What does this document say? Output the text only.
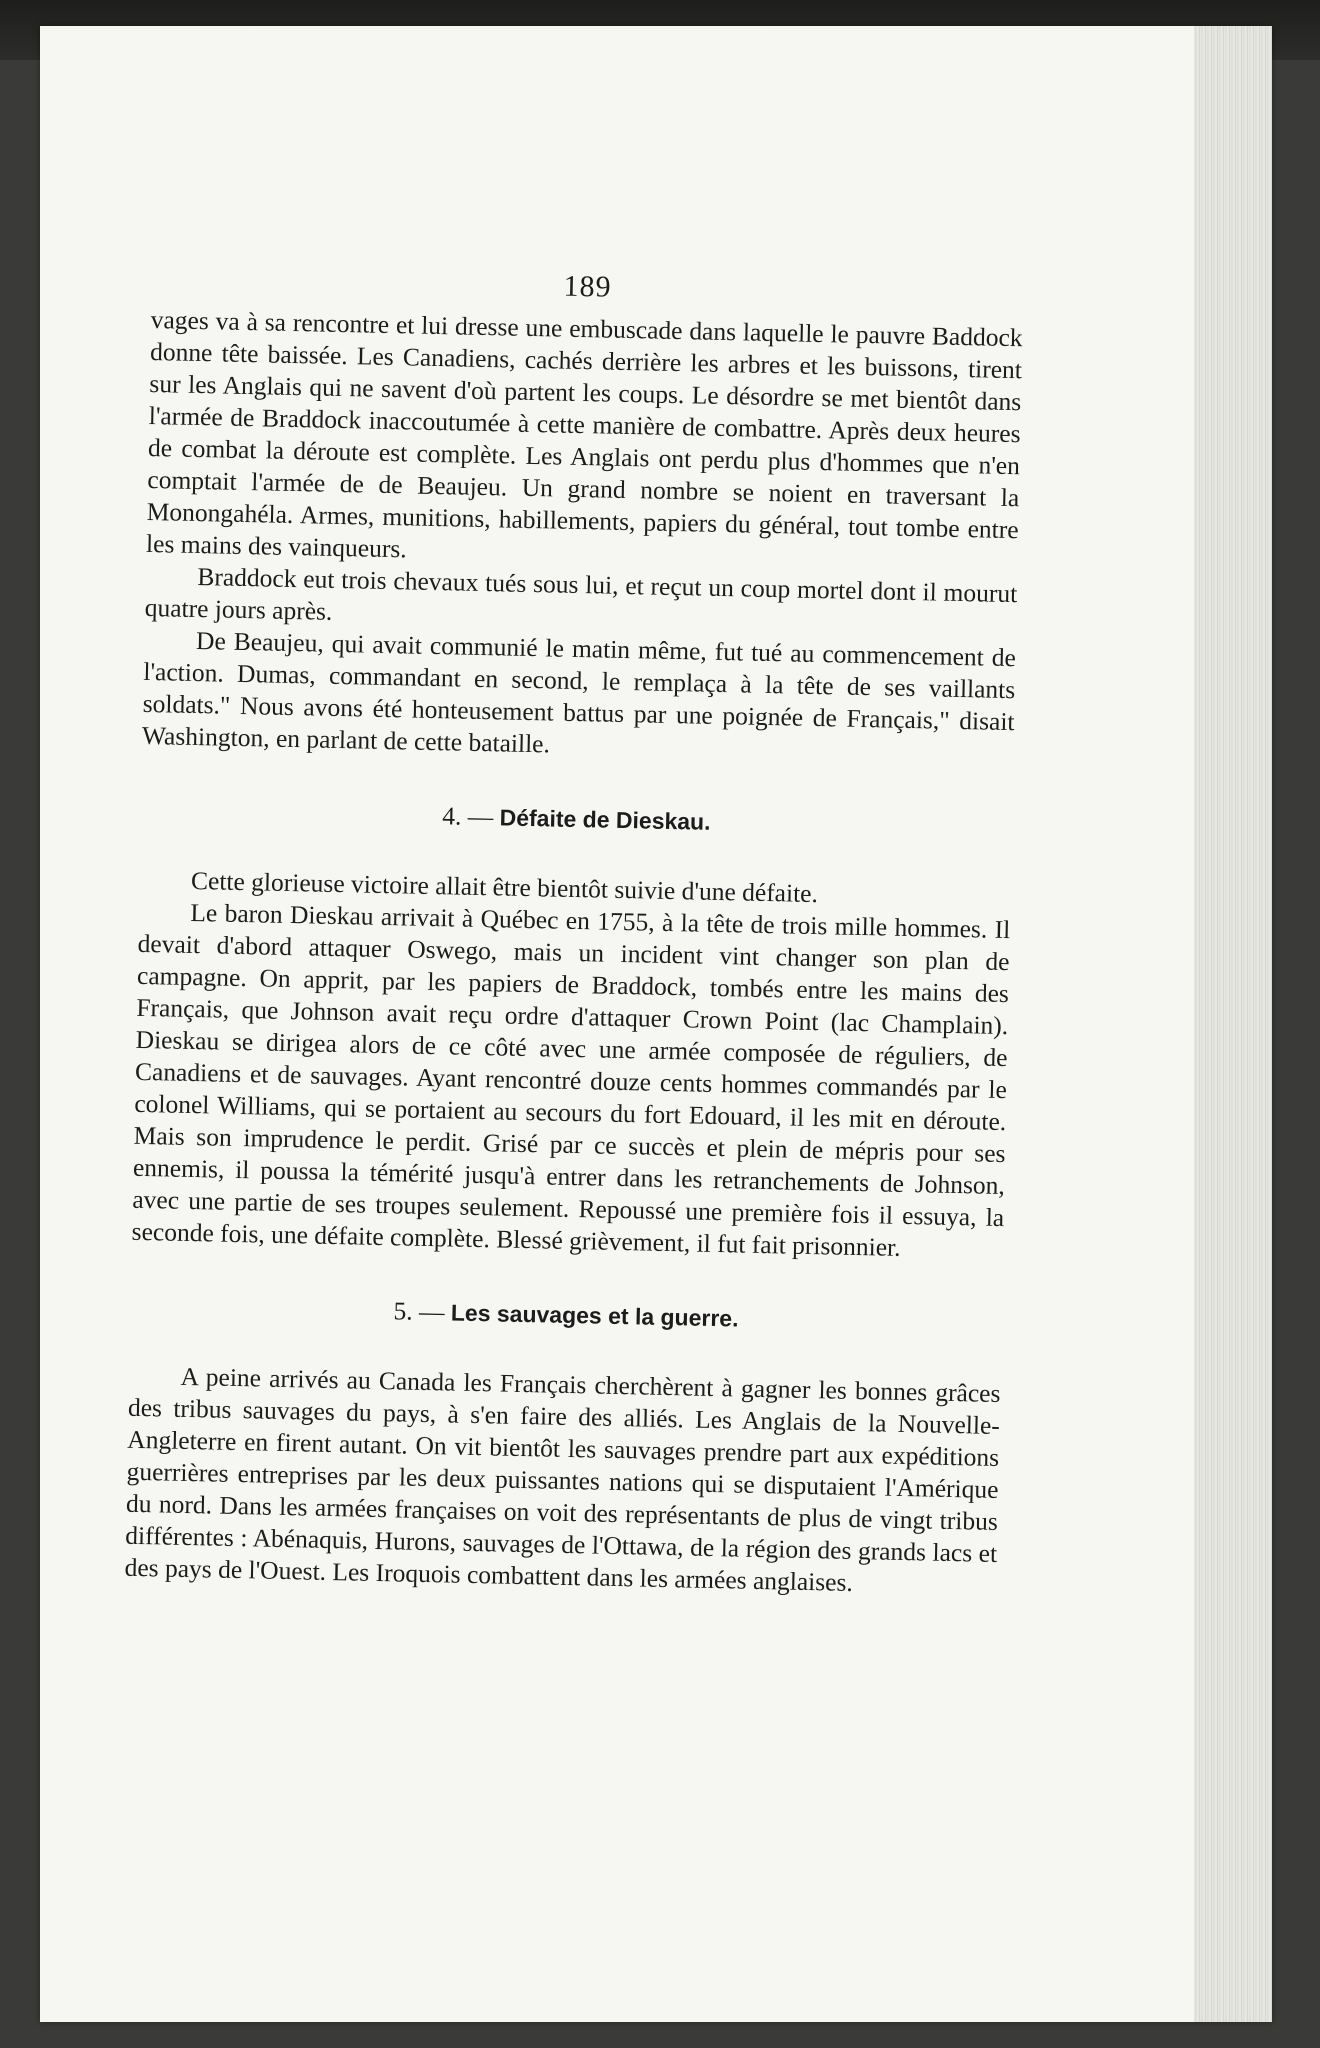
189

vages va à sa rencontre et lui dresse une embuscade dans laquelle le pauvre Baddock donne tête baissée. Les Canadiens, cachés derrière les arbres et les buissons, tirent sur les Anglais qui ne savent d'où partent les coups. Le désordre se met bientôt dans l'armée de Braddock inaccoutumée à cette manière de combattre. Après deux heures de combat la déroute est complète. Les Anglais ont perdu plus d'hommes que n'en comptait l'armée de de Beaujeu. Un grand nombre se noient en traversant la Monongahéla. Armes, munitions, habillements, papiers du général, tout tombe entre les mains des vainqueurs.

Braddock eut trois chevaux tués sous lui, et reçut un coup mortel dont il mourut quatre jours après.

De Beaujeu, qui avait communié le matin même, fut tué au commencement de l'action. Dumas, commandant en second, le remplaça à la tête de ses vaillants soldats." Nous avons été honteusement battus par une poignée de Français," disait Washington, en parlant de cette bataille.

4. — Défaite de Dieskau.

Cette glorieuse victoire allait être bientôt suivie d'une défaite.

Le baron Dieskau arrivait à Québec en 1755, à la tête de trois mille hommes. Il devait d'abord attaquer Oswego, mais un incident vint changer son plan de campagne. On apprit, par les papiers de Braddock, tombés entre les mains des Français, que Johnson avait reçu ordre d'attaquer Crown Point (lac Champlain). Dieskau se dirigea alors de ce côté avec une armée composée de réguliers, de Canadiens et de sauvages. Ayant rencontré douze cents hommes commandés par le colonel Williams, qui se portaient au secours du fort Edouard, il les mit en déroute. Mais son imprudence le perdit. Grisé par ce succès et plein de mépris pour ses ennemis, il poussa la témérité jusqu'à entrer dans les retranchements de Johnson, avec une partie de ses troupes seulement. Repoussé une première fois il essuya, la seconde fois, une défaite complète. Blessé grièvement, il fut fait prisonnier.

5. — Les sauvages et la guerre.

A peine arrivés au Canada les Français cherchèrent à gagner les bonnes grâces des tribus sauvages du pays, à s'en faire des alliés. Les Anglais de la Nouvelle-Angleterre en firent autant. On vit bientôt les sauvages prendre part aux expéditions guerrières entreprises par les deux puissantes nations qui se disputaient l'Amérique du nord. Dans les armées françaises on voit des représentants de plus de vingt tribus différentes : Abénaquis, Hurons, sauvages de l'Ottawa, de la région des grands lacs et des pays de l'Ouest. Les Iroquois combattent dans les armées anglaises.
